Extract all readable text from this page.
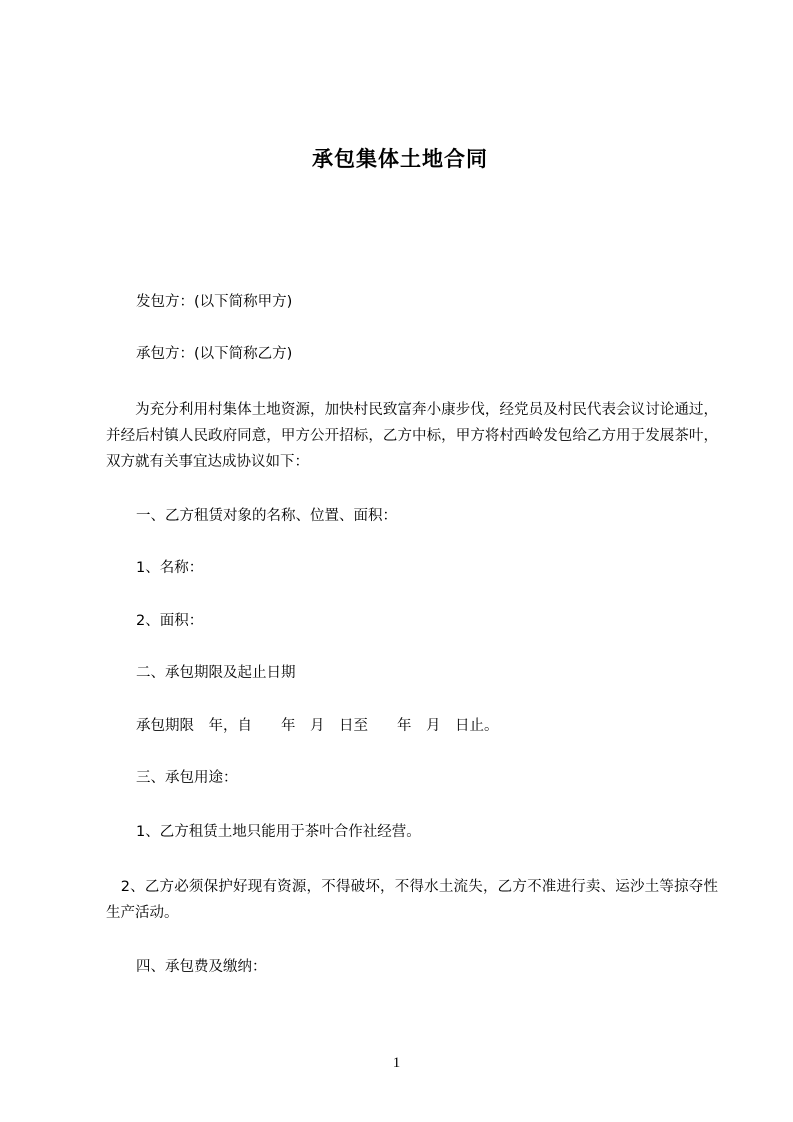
承包集体土地合同
发包方：(以下简称甲方)
承包方：(以下简称乙方)
　　为充分利用村集体土地资源，加快村民致富奔小康步伐，经党员及村民代表会议讨论通过，并经后村镇人民政府同意，甲方公开招标，乙方中标，甲方将村西岭发包给乙方用于发展茶叶，双方就有关事宜达成协议如下：
一、乙方租赁对象的名称、位置、面积：
1、名称：
2、面积：
二、承包期限及起止日期
承包期限　年，自　　年　月　日至　　年　月　日止。
三、承包用途：
1、乙方租赁土地只能用于茶叶合作社经营。
　2、乙方必须保护好现有资源，不得破坏，不得水土流失，乙方不准进行卖、运沙土等掠夺性生产活动。
四、承包费及缴纳：
1
